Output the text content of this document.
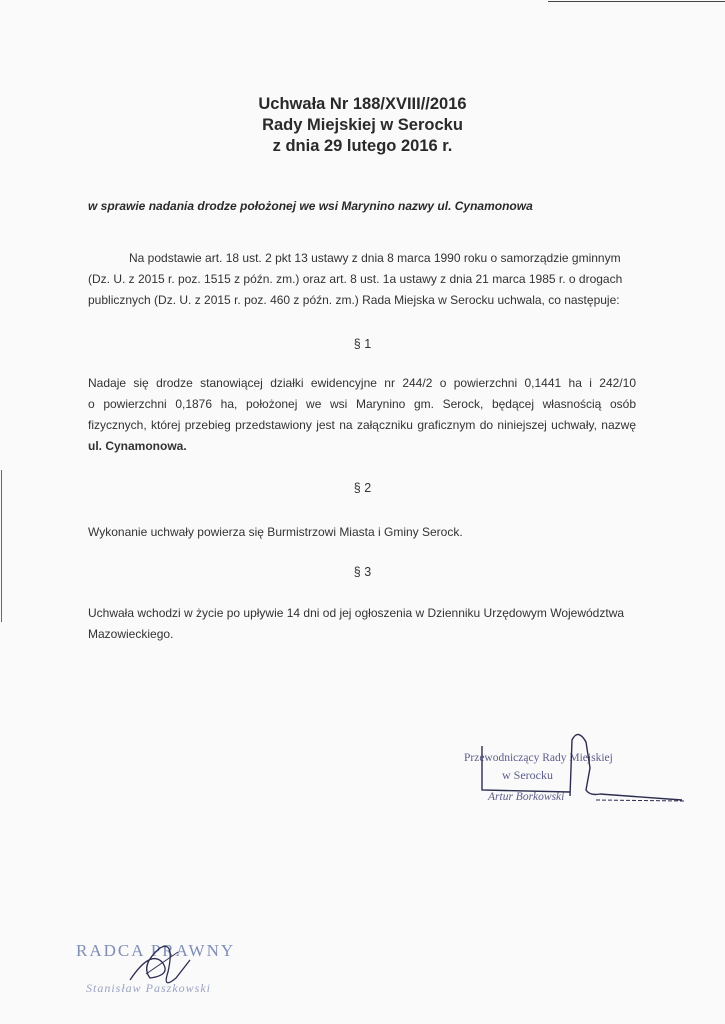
Uchwała Nr 188/XVIII//2016
Rady Miejskiej w Serocku
z dnia 29 lutego 2016 r.
w sprawie nadania drodze położonej we wsi Marynino nazwy ul. Cynamonowa
Na podstawie art. 18 ust. 2 pkt 13 ustawy z dnia 8 marca 1990 roku o samorządzie gminnym
(Dz. U. z 2015 r. poz. 1515 z późn. zm.) oraz art. 8 ust. 1a ustawy z dnia 21 marca 1985 r. o drogach
publicznych (Dz. U. z 2015 r. poz. 460 z późn. zm.) Rada Miejska w Serocku uchwala, co następuje:
§ 1
Nadaje się drodze stanowiącej działki ewidencyjne nr 244/2 o powierzchni 0,1441 ha i 242/10
o powierzchni 0,1876 ha, położonej we wsi Marynino gm. Serock, będącej własnością osób
fizycznych, której przebieg przedstawiony jest na załączniku graficznym do niniejszej uchwały, nazwę
ul. Cynamonowa.
§ 2
Wykonanie uchwały powierza się Burmistrzowi Miasta i Gminy Serock.
§ 3
Uchwała wchodzi w życie po upływie 14 dni od jej ogłoszenia w Dzienniku Urzędowym Województwa
Mazowieckiego.
Przewodniczący Rady Miejskiej
w Serocku
Artur Borkowski
RADCA PRAWNY
Stanisław Paszkowski
